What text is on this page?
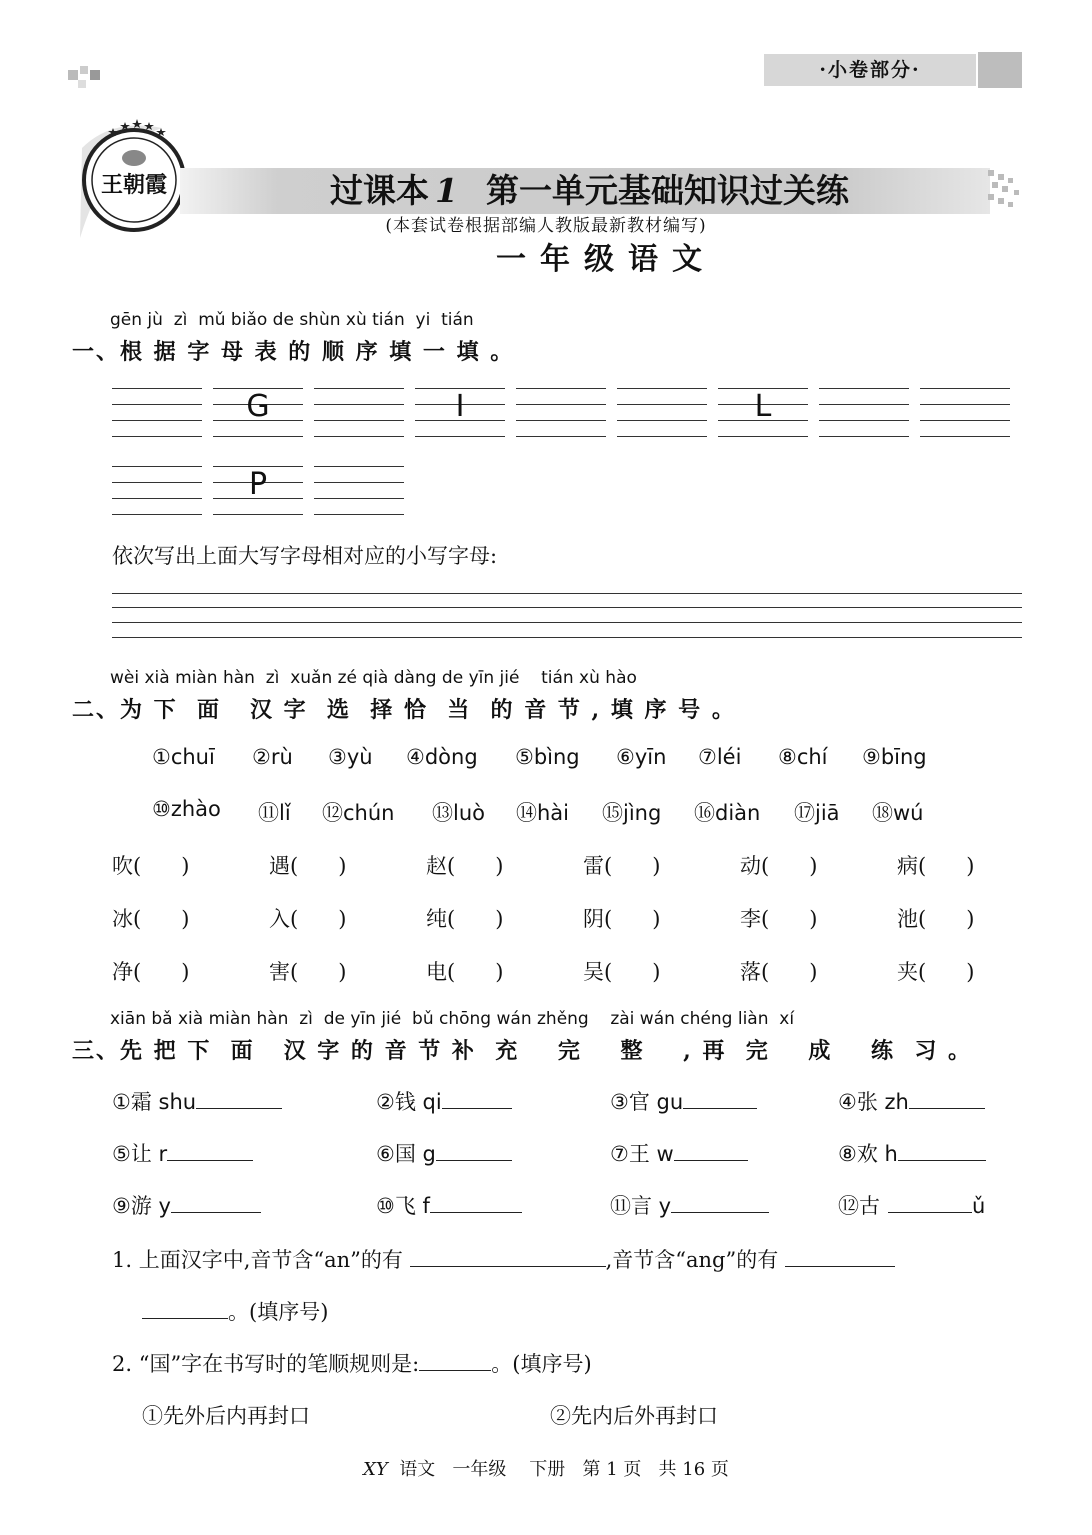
·小卷部分·
王朝霞	过课本 1 第一单元基础知识过关练
(本套试卷根据部编人教版最新教材编写)
一年级语文
gēn jù  zì  mǔ biǎo de shùn xù tián  yi  tián
一、根 据 字 母 表 的 顺 序 填 一 填 。
G	I	L
P
依次写出上面大写字母相对应的小写字母:
wèi xià miàn hàn  zì  xuǎn zé qià dàng de yīn jié    tián xù hào
二、为 下  面   汉 字  选  择 恰  当  的 音 节 , 填 序 号 。
①chuī ②rù ③yù ④dòng ⑤bìng ⑥yīn ⑦léi ⑧chí ⑨bīng
⑩zhào ⑪lǐ ⑫chún ⑬luò ⑭hài ⑮jìng ⑯diàn ⑰jiā ⑱wú
吹(      )	遇(      )	赵(      )	雷(      )	动(      )	病(      )
冰(      )	入(      )	纯(      )	阴(      )	李(      )	池(      )
净(      )	害(      )	电(      )	吴(      )	落(      )	夹(      )
xiān bǎ xià miàn hàn  zì  de yīn jié  bǔ chōng wán zhěng    zài wán chéng liàn  xí
三、先 把 下  面   汉 字 的 音 节 补  充    完    整    , 再  完    成    练  习 。
①霜 shu	②钱 qi	③官 gu	④张 zh
⑤让 r	⑥国 g	⑦王 w	⑧欢 h
⑨游 y	⑩飞 f	⑪言 y	⑫古	ǔ
1. 上面汉字中,音节含“an”的有	,音节含“ang”的有
。(填序号)
2. “国”字在书写时的笔顺规则是:	。(填序号)
①先外后内再封口	②先内后外再封口
XY  语文   一年级    下册   第 1 页   共 16 页
